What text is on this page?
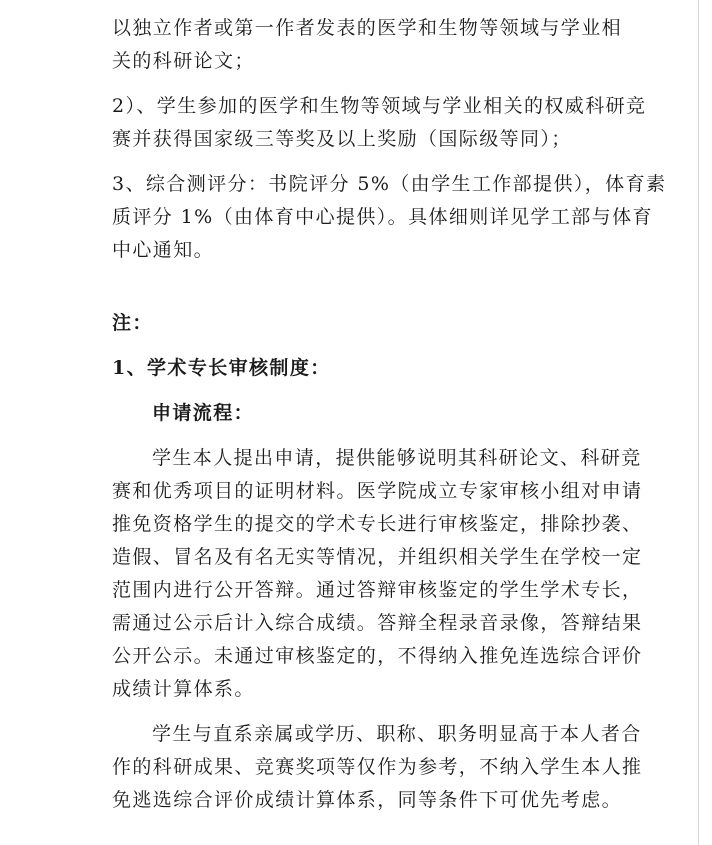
以独立作者或第一作者发表的医学和生物等领域与学业相
关的科研论文；
2）、学生参加的医学和生物等领域与学业相关的权威科研竞
赛并获得国家级三等奖及以上奖励（国际级等同）；
3、综合测评分：书院评分 5%（由学生工作部提供），体育素
质评分 1%（由体育中心提供）。具体细则详见学工部与体育
中心通知。
注：
1、学术专长审核制度：
申请流程：
学生本人提出申请，提供能够说明其科研论文、科研竞
赛和优秀项目的证明材料。医学院成立专家审核小组对申请
推免资格学生的提交的学术专长进行审核鉴定，排除抄袭、
造假、冒名及有名无实等情况，并组织相关学生在学校一定
范围内进行公开答辩。通过答辩审核鉴定的学生学术专长，
需通过公示后计入综合成绩。答辩全程录音录像，答辩结果
公开公示。未通过审核鉴定的，不得纳入推免连选综合评价
成绩计算体系。
学生与直系亲属或学历、职称、职务明显高于本人者合
作的科研成果、竞赛奖项等仅作为参考，不纳入学生本人推
免逃选综合评价成绩计算体系，同等条件下可优先考虑。
